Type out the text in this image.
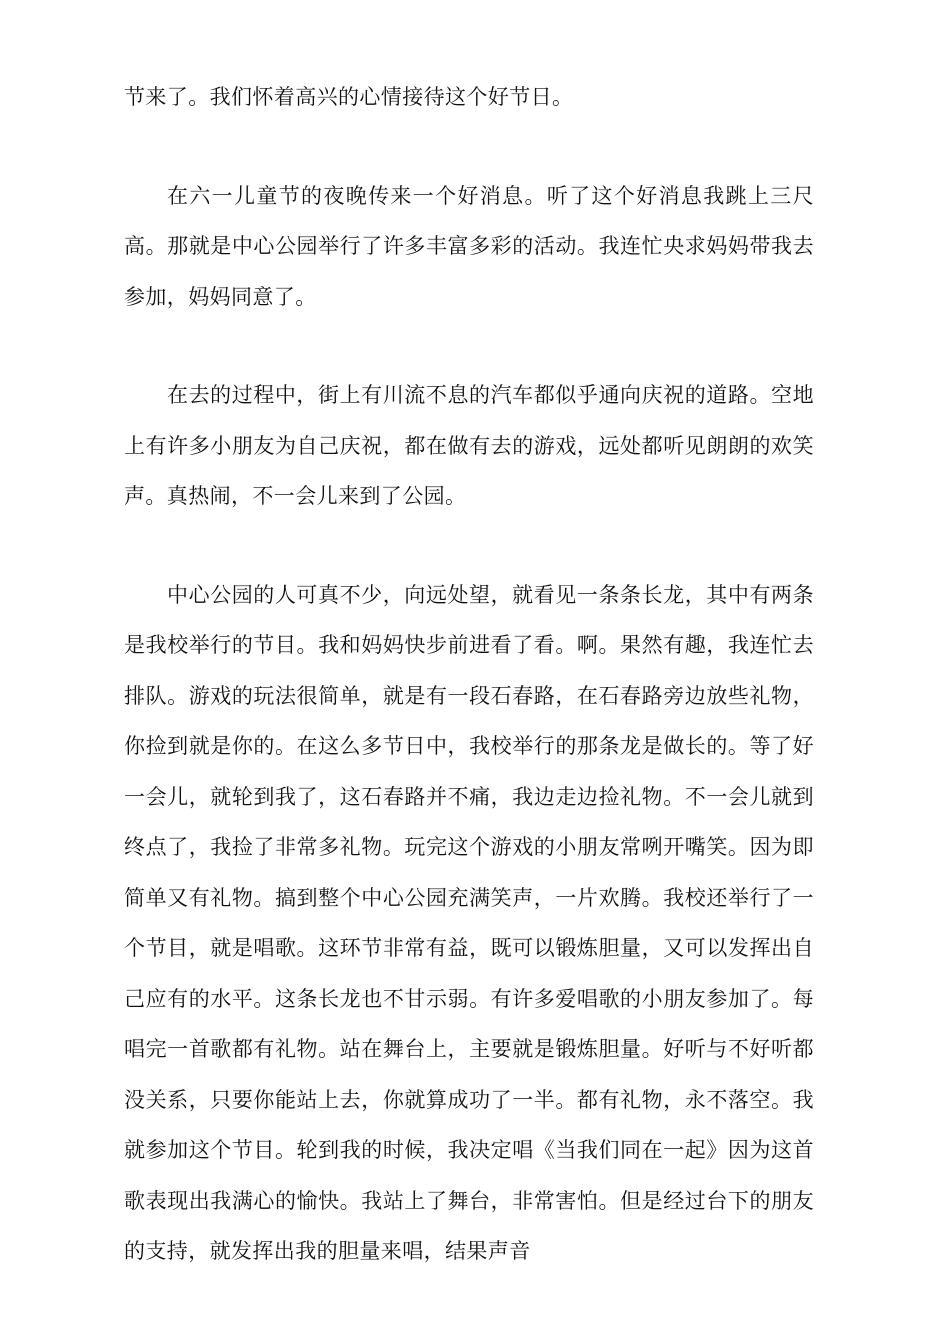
节来了。我们怀着高兴的心情接待这个好节日。

在六一儿童节的夜晚传来一个好消息。听了这个好消息我跳上三尺高。那就是中心公园举行了许多丰富多彩的活动。我连忙央求妈妈带我去参加，妈妈同意了。

在去的过程中，街上有川流不息的汽车都似乎通向庆祝的道路。空地上有许多小朋友为自己庆祝，都在做有去的游戏，远处都听见朗朗的欢笑声。真热闹，不一会儿来到了公园。

中心公园的人可真不少，向远处望，就看见一条条长龙，其中有两条是我校举行的节目。我和妈妈快步前进看了看。啊。果然有趣，我连忙去排队。游戏的玩法很简单，就是有一段石春路，在石春路旁边放些礼物，你捡到就是你的。在这么多节日中，我校举行的那条龙是做长的。等了好一会儿，就轮到我了，这石春路并不痛，我边走边捡礼物。不一会儿就到终点了，我捡了非常多礼物。玩完这个游戏的小朋友常咧开嘴笑。因为即简单又有礼物。搞到整个中心公园充满笑声，一片欢腾。我校还举行了一个节目，就是唱歌。这环节非常有益，既可以锻炼胆量，又可以发挥出自己应有的水平。这条长龙也不甘示弱。有许多爱唱歌的小朋友参加了。每唱完一首歌都有礼物。站在舞台上，主要就是锻炼胆量。好听与不好听都没关系，只要你能站上去，你就算成功了一半。都有礼物，永不落空。我就参加这个节目。轮到我的时候，我决定唱《当我们同在一起》因为这首歌表现出我满心的愉快。我站上了舞台，非常害怕。但是经过台下的朋友的支持，就发挥出我的胆量来唱，结果声音
